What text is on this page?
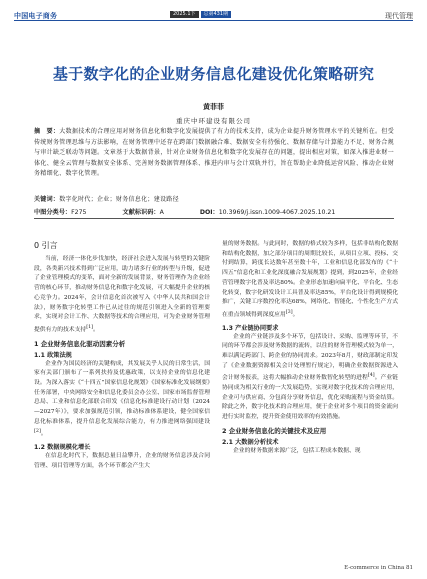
中国电子商务	2025.1下	总第431期	现代管理
基于数字化的企业财务信息化建设优化策略研究
黄菲菲
重庆中环建设有限公司
摘　要：大数据技术的合理应用对财务信息化和数字化发展提供了有力的技术支持，成为企业提升财务管理水平的关键所在。但受传统财务管理思维与方法影响，在财务管理中还存在跨部门数据融合难、数据安全有待强化、数据存储与计算能力不足、财务合规与审计缺乏联动等问题。文章基于大数据背景，针对企业财务信息化和数字化发展存在的问题，提出相应对策，如深入推进业财一体化、健全云管理与数据安全体系、完善财务数据管理体系、推进内审与会计双轨并行，旨在帮助企业降低运营风险、推动企业财务精细化、数字化管理。
关键词：数字化时代；企业；财务信息化；建设路径
中图分类号：F275	文献标识码：A	DOI：10.3969/j.issn.1009-4067.2025.10.21
0 引言

当前，经济一体化步伐加快，经济社会进入发展与转型的关键阶段，各类新兴技术得到广泛应用，助力诸多行业的转型与升级，促进了企业管理模式的变革，面对全新的发展背景，财务管理作为企业经营的核心环节，推动财务信息化和数字化发展，可大幅提升企业的核心竞争力。2024年，会计信息化首次被写入《中华人民共和国会计法》，财务数字化转型工作已从过往的规范引领进入全新的管理要求，实现对会计工作、大数据等技术的合理应用，可为企业财务管理提供有力的技术支持[1]。

1 企业财务信息化驱动因素分析
1.1 政策法规

企业作为国民经济的关键构成，其发展关乎人民的日常生活，国家有关部门颁布了一系列扶持及优惠政策，以支持企业的信息化建设。为深入落实《“十四五”国家信息化规划》《国家标准化发展纲要》任务部署，中央网络安全和信息化委员会办公室、国家市场监督管理总局、工业和信息化部联合印发《信息化标准建设行动计划（2024—2027年）》，要求加强规范引领，推动标准体系建设，健全国家信息化标准体系，提升信息化发展综合能力，有力推进网络强国建设[2]。

1.2 数据规模化增长

在信息化时代下，数据总量日益攀升，企业的财务信息涉及合同管理、项目管理等方面，各个环节都会产生大

量的财务数据。与此同时，数据的格式较为多样，包括非结构化数据和结构化数据，加之部分项目的周期比较长，从项目立项、投标、交付到结算，跨度长达数年甚至数十年，工业和信息化部发布的《“十四五”信息化和工业化深度融合发展规划》提到，到2025年，企业经营管理数字化普及率达80%。企业形态加速向扁平化、平台化、生态化转变，数字化研发设计工具普及率达85%，平台化设计得到规模化推广，关键工序数控化率达68%，网络化、智能化、个性化生产方式在重点领域得到深度应用[3]。

1.3 产业链协同要求

企业的产业链涉及多个环节，包括设计、采购、监理等环节，不同的环节都会涉及财务数据的流转，以往的财务管理模式较为单一，难以满足跨部门、跨企业的协同需求。2023年8月，财政部制定印发了《企业数据资源相关会计处理暂行规定》，明确企业数据资源进入会计财务报表，这将大幅推动企业财务数智化转型的进程[4]。产业链协同成为相关行业的一大发展趋势，实现对数字化技术的合理应用，企业可与供应商、分包商分享财务信息，优化采购流程与资金结算。除此之外，数字化技术的合理应用，便于企业对多个项目的资金流向进行实时监控，提升资金使用效率的有效措施。

2 企业财务信息化的关键技术及应用
2.1 大数据分析技术

企业的财务数据来源广泛，包括工程成本数据、现

E-commerce in China 81
